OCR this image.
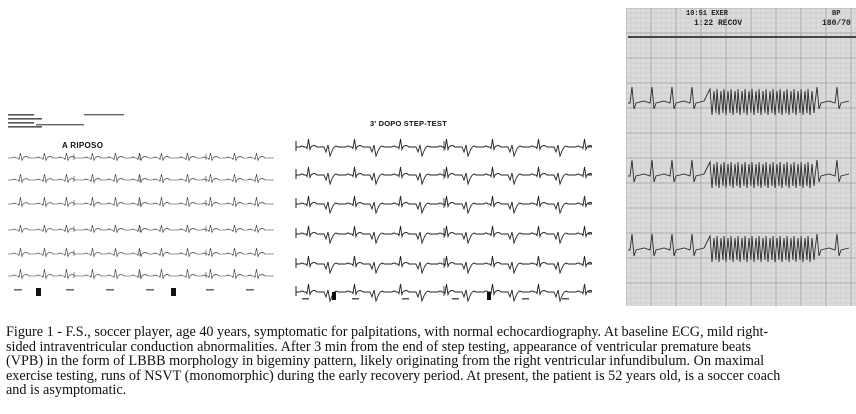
A RIPOSO
3' DOPO STEP-TEST
10:51 EXER
1:22 RECOV
BP
180/70

Figure 1 - F.S., soccer player, age 40 years, symptomatic for palpitations, with normal echocardiography. At baseline ECG, mild right-
sided intraventricular conduction abnormalities. After 3 min from the end of step testing, appearance of ventricular premature beats
(VPB) in the form of LBBB morphology in bigeminy pattern, likely originating from the right ventricular infundibulum. On maximal
exercise testing, runs of NSVT (monomorphic) during the early recovery period. At present, the patient is 52 years old, is a soccer coach
and is asymptomatic.
